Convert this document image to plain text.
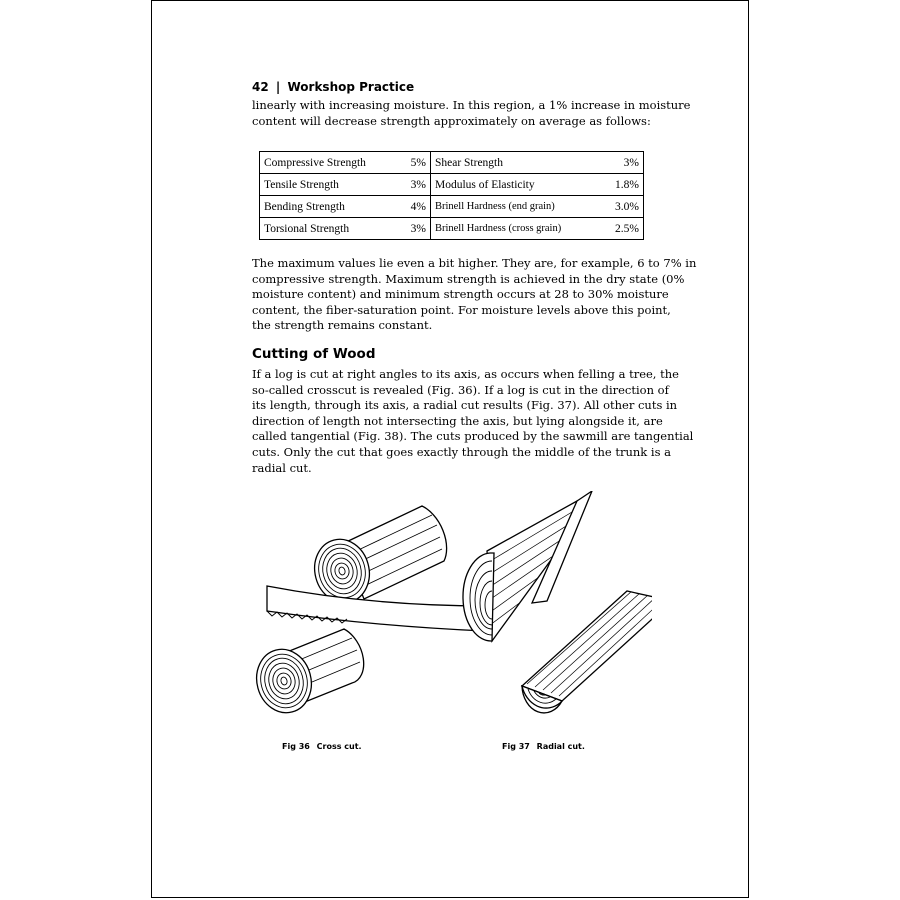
42 | Workshop Practice
linearly with increasing moisture. In this region, a 1% increase in moisture
content will decrease strength approximately on average as follows:
Compressive Strength	5%	Shear Strength	3%
Tensile Strength	3%	Modulus of Elasticity	1.8%
Bending Strength	4%	Brinell Hardness (end grain)	3.0%
Torsional Strength	3%	Brinell Hardness (cross grain)	2.5%
The maximum values lie even a bit higher. They are, for example, 6 to 7% in
compressive strength. Maximum strength is achieved in the dry state (0%
moisture content) and minimum strength occurs at 28 to 30% moisture
content, the fiber-saturation point. For moisture levels above this point,
the strength remains constant.
Cutting of Wood
If a log is cut at right angles to its axis, as occurs when felling a tree, the
so-called crosscut is revealed (Fig. 36). If a log is cut in the direction of
its length, through its axis, a radial cut results (Fig. 37). All other cuts in
direction of length not intersecting the axis, but lying alongside it, are
called tangential (Fig. 38). The cuts produced by the sawmill are tangential
cuts. Only the cut that goes exactly through the middle of the trunk is a
radial cut.
Fig 36 Cross cut.	Fig 37 Radial cut.
